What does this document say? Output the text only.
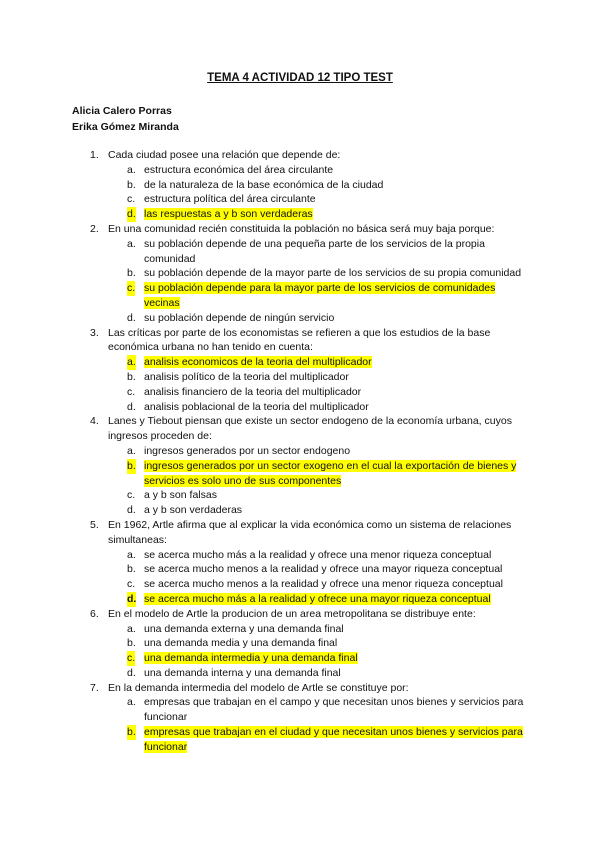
TEMA 4 ACTIVIDAD 12 TIPO TEST
Alicia Calero Porras
Erika Gómez Miranda
1. Cada ciudad posee una relación que depende de:
a. estructura económica del área circulante
b. de la naturaleza de la base económica de la ciudad
c. estructura política del área circulante
d. las respuestas a y b son verdaderas
2. En una comunidad recién constituida la población no básica será muy baja porque:
a. su población depende de una pequeña parte de los servicios de la propia comunidad
b. su población depende de la mayor parte de los servicios de su propia comunidad
c. su población depende para la mayor parte de los servicios de comunidades vecinas
d. su población depende de ningún servicio
3. Las críticas por parte de los economistas se refieren a que los estudios de la base económica urbana no han tenido en cuenta:
a. analisis economicos de la teoria del multiplicador
b. analisis político de la teoria del multiplicador
c. analisis financiero de la teoria del multiplicador
d. analisis poblacional de la teoria del multiplicador
4. Lanes y Tiebout piensan que existe un sector endogeno de la economía urbana, cuyos ingresos proceden de:
a. ingresos generados por un sector endogeno
b. ingresos generados por un sector exogeno en el cual la exportación de bienes y servicios es solo uno de sus componentes
c. a y b son falsas
d. a y b son verdaderas
5. En 1962, Artle afirma que al explicar la vida económica como un sistema de relaciones simultaneas:
a. se acerca mucho más a la realidad y ofrece una menor riqueza conceptual
b. se acerca mucho menos a la realidad y ofrece una mayor riqueza conceptual
c. se acerca mucho menos a la realidad y ofrece una menor riqueza conceptual
d. se acerca mucho más a la realidad y ofrece una mayor riqueza conceptual
6. En el modelo de Artle la producion de un area metropolitana se distribuye ente:
a. una demanda externa y una demanda final
b. una demanda media y una demanda final
c. una demanda intermedia y una demanda final
d. una demanda interna y una demanda final
7. En la demanda intermedia del modelo de Artle se constituye por:
a. empresas que trabajan en el campo y que necesitan unos bienes y servicios para funcionar
b. empresas que trabajan en el ciudad y que necesitan unos bienes y servicios para funcionar
